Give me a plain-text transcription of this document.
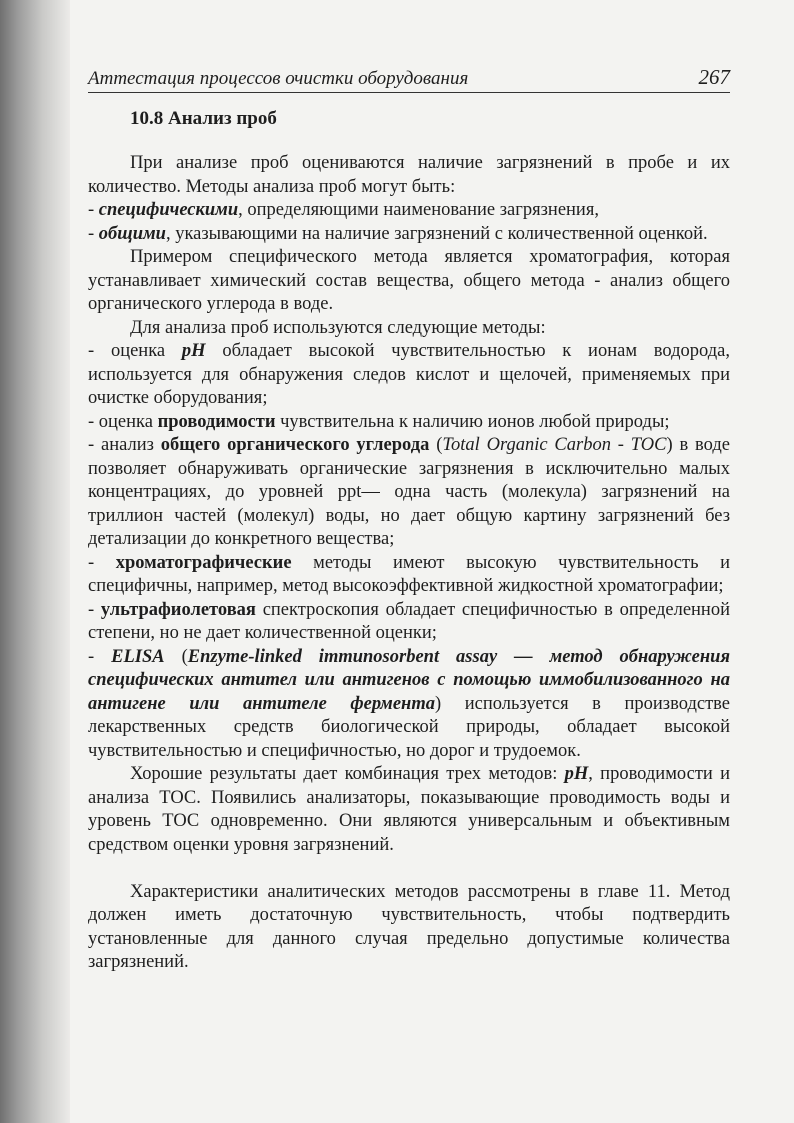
Аттестация процессов очистки оборудования	267
10.8 Анализ проб

При анализе проб оцениваются наличие загрязнений в пробе и их количество. Методы анализа проб могут быть:

- специфическими, определяющими наименование загрязнения,

- общими, указывающими на наличие загрязнений с количественной оценкой.

Примером специфического метода является хроматография, которая устанавливает химический состав вещества, общего метода - анализ общего органического углерода в воде.

Для анализа проб используются следующие методы:

- оценка pH обладает высокой чувствительностью к ионам водорода, используется для обнаружения следов кислот и щелочей, применяемых при очистке оборудования;

- оценка проводимости чувствительна к наличию ионов любой природы;

- анализ общего органического углерода (Total Organic Carbon - TOC) в воде позволяет обнаруживать органические загрязнения в исключительно малых концентрациях, до уровней ppt— одна часть (молекула) загрязнений на триллион частей (молекул) воды, но дает общую картину загрязнений без детализации до конкретного вещества;

- хроматографические методы имеют высокую чувствительность и специфичны, например, метод высокоэффективной жидкостной хроматографии;

- ультрафиолетовая спектроскопия обладает специфичностью в определенной степени, но не дает количественной оценки;

- ELISA (Enzyme-linked immunosorbent assay — метод обнаружения специфических антител или антигенов с помощью иммобилизованного на антигене или антителе фермента) используется в производстве лекарственных средств биологической природы, обладает высокой чувствительностью и специфичностью, но дорог и трудоемок.

Хорошие результаты дает комбинация трех методов: pH, проводимости и анализа ТОС. Появились анализаторы, показывающие проводимость воды и уровень ТОС одновременно. Они являются универсальным и объективным средством оценки уровня загрязнений.

Характеристики аналитических методов рассмотрены в главе 11. Метод должен иметь достаточную чувствительность, чтобы подтвердить установленные для данного случая предельно допустимые количества загрязнений.
